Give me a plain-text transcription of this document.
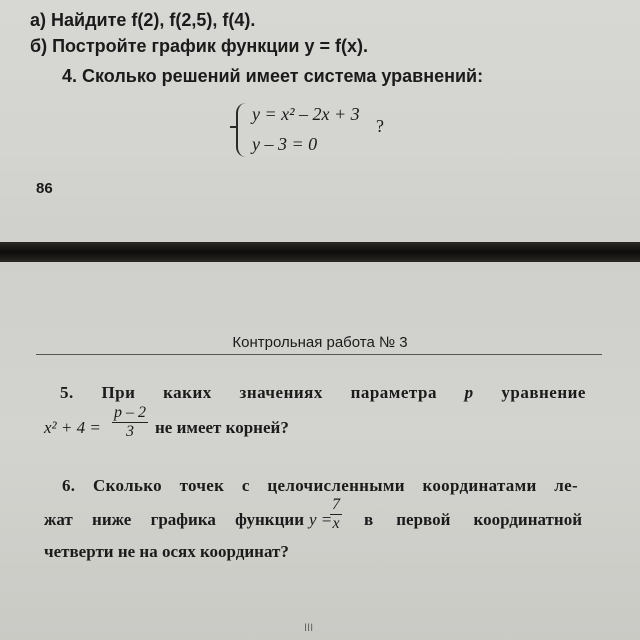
а) Найдите f(2), f(2,5), f(4).
б) Постройте график функции y = f(x).
4. Сколько решений имеет система уравнений:
y = x² – 2x + 3
y – 3 = 0
?
86
Контрольная работа № 3
5. При каких значениях параметра p уравнение
$x^2 + 4 = \frac{p - 2}{3}$ не имеет корней?
6. Сколько точек с целочисленными координатами ле-
жат ниже графика функции y =
$\frac{7}{x}$ в первой координатной
четверти не на осях координат?
III
